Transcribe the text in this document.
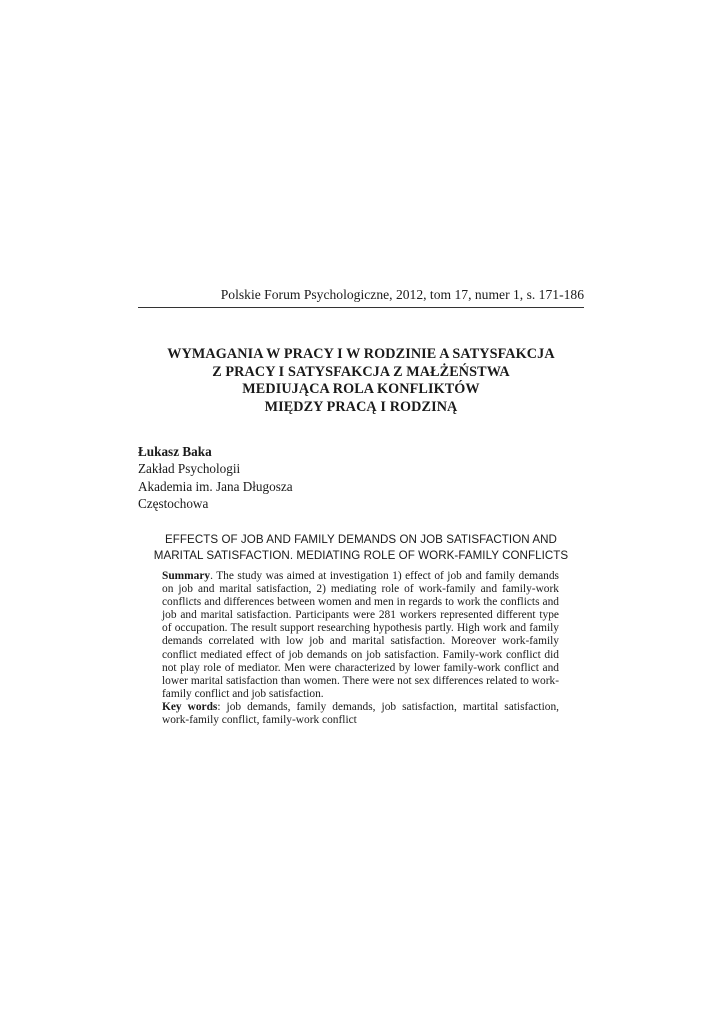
Polskie Forum Psychologiczne, 2012, tom 17, numer 1, s. 171-186
WYMAGANIA W PRACY I W RODZINIE A SATYSFAKCJA
Z PRACY I SATYSFAKCJA Z MAŁŻEŃSTWA
MEDIUJĄCA ROLA KONFLIKTÓW
MIĘDZY PRACĄ I RODZINĄ
Łukasz Baka
Zakład Psychologii
Akademia im. Jana Długosza
Częstochowa
EFFECTS OF JOB AND FAMILY DEMANDS ON JOB SATISFACTION AND
MARITAL SATISFACTION. MEDIATING ROLE OF WORK-FAMILY CONFLICTS

Summary. The study was aimed at investigation 1) effect of job and family demands on job and marital satisfaction, 2) mediating role of work-family and family-work conflicts and differences between women and men in regards to work the conflicts and job and marital satisfaction. Participants were 281 workers represented different type of occupation. The result support researching hypothesis partly. High work and family demands correlated with low job and marital satisfaction. Moreover work-family conflict mediated effect of job demands on job satisfaction. Family-work conflict did not play role of mediator. Men were characterized by lower family-work conflict and lower marital satisfaction than women. There were not sex differences related to work-family conflict and job satisfaction.

Key words: job demands, family demands, job satisfaction, martital satisfaction, work-family conflict, family-work conflict
